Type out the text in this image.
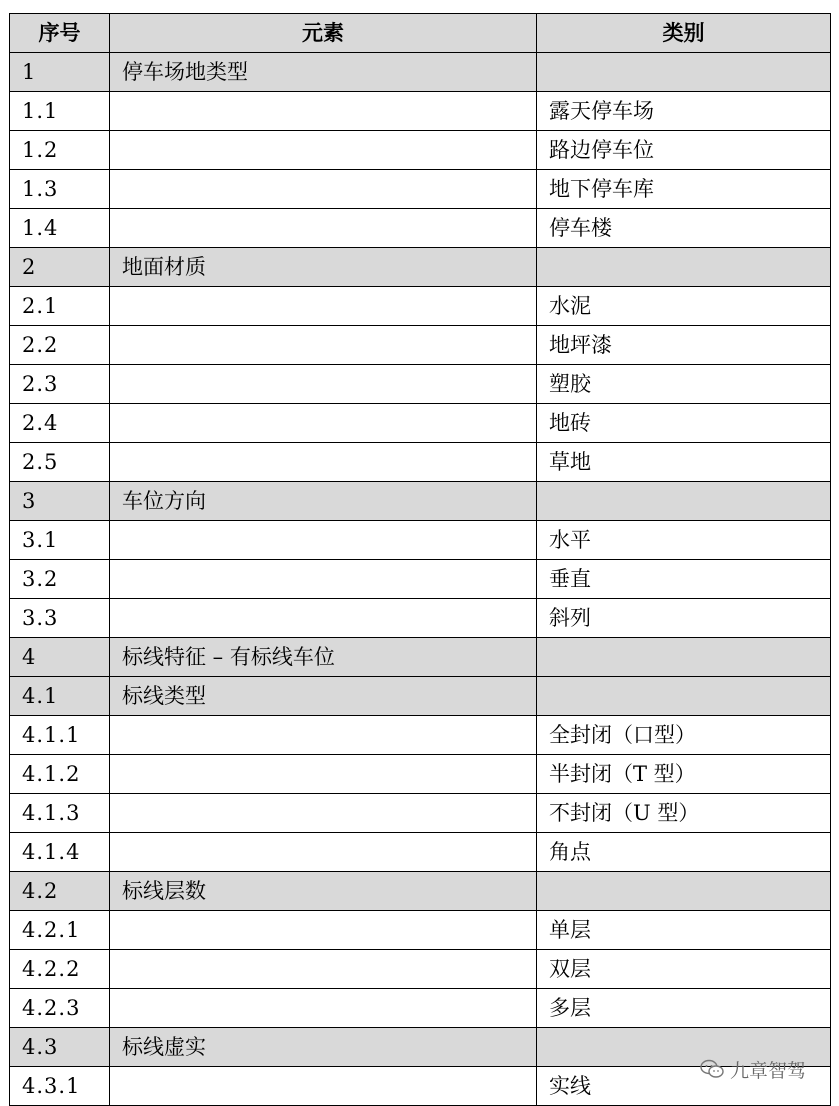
序号	元素	类别
1	停车场地类型	
1.1		露天停车场
1.2		路边停车位
1.3		地下停车库
1.4		停车楼
2	地面材质	
2.1		水泥
2.2		地坪漆
2.3		塑胶
2.4		地砖
2.5		草地
3	车位方向	
3.1		水平
3.2		垂直
3.3		斜列
4	标线特征 – 有标线车位	
4.1	标线类型	
4.1.1		全封闭（口型）
4.1.2		半封闭（T 型）
4.1.3		不封闭（U 型）
4.1.4		角点
4.2	标线层数	
4.2.1		单层
4.2.2		双层
4.2.3		多层
4.3	标线虚实	
4.3.1		实线
九章智驾
